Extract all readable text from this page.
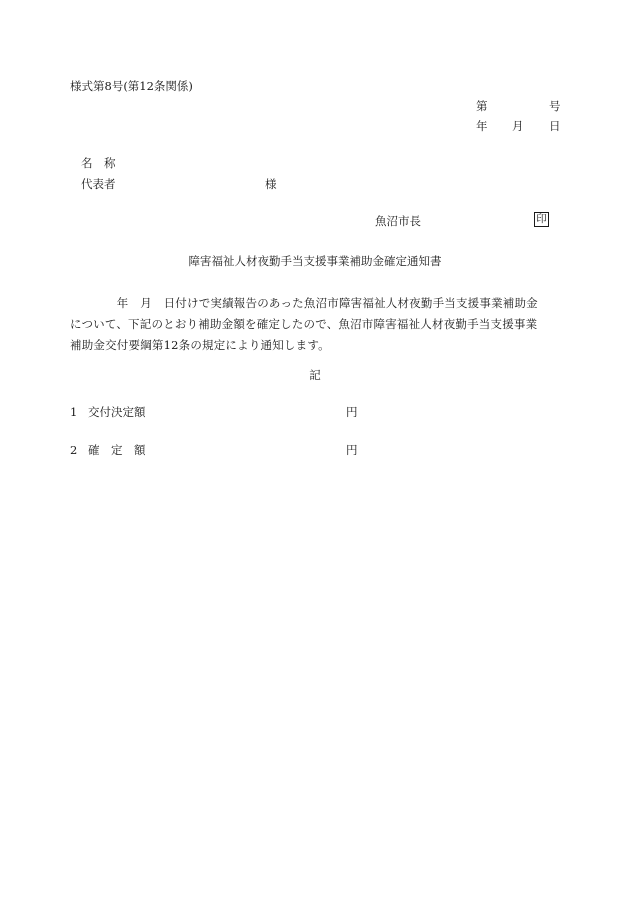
様式第8号(第12条関係)
第	号
年 月 日
名　称
代表者	様
魚沼市長	印
障害福祉人材夜勤手当支援事業補助金確定通知書
　　　　年　月　日付けで実績報告のあった魚沼市障害福祉人材夜勤手当支援事業補助金
について、下記のとおり補助金額を確定したので、魚沼市障害福祉人材夜勤手当支援事業
補助金交付要綱第12条の規定により通知します。
記
1 交付決定額	円
2 確　定　額	円
